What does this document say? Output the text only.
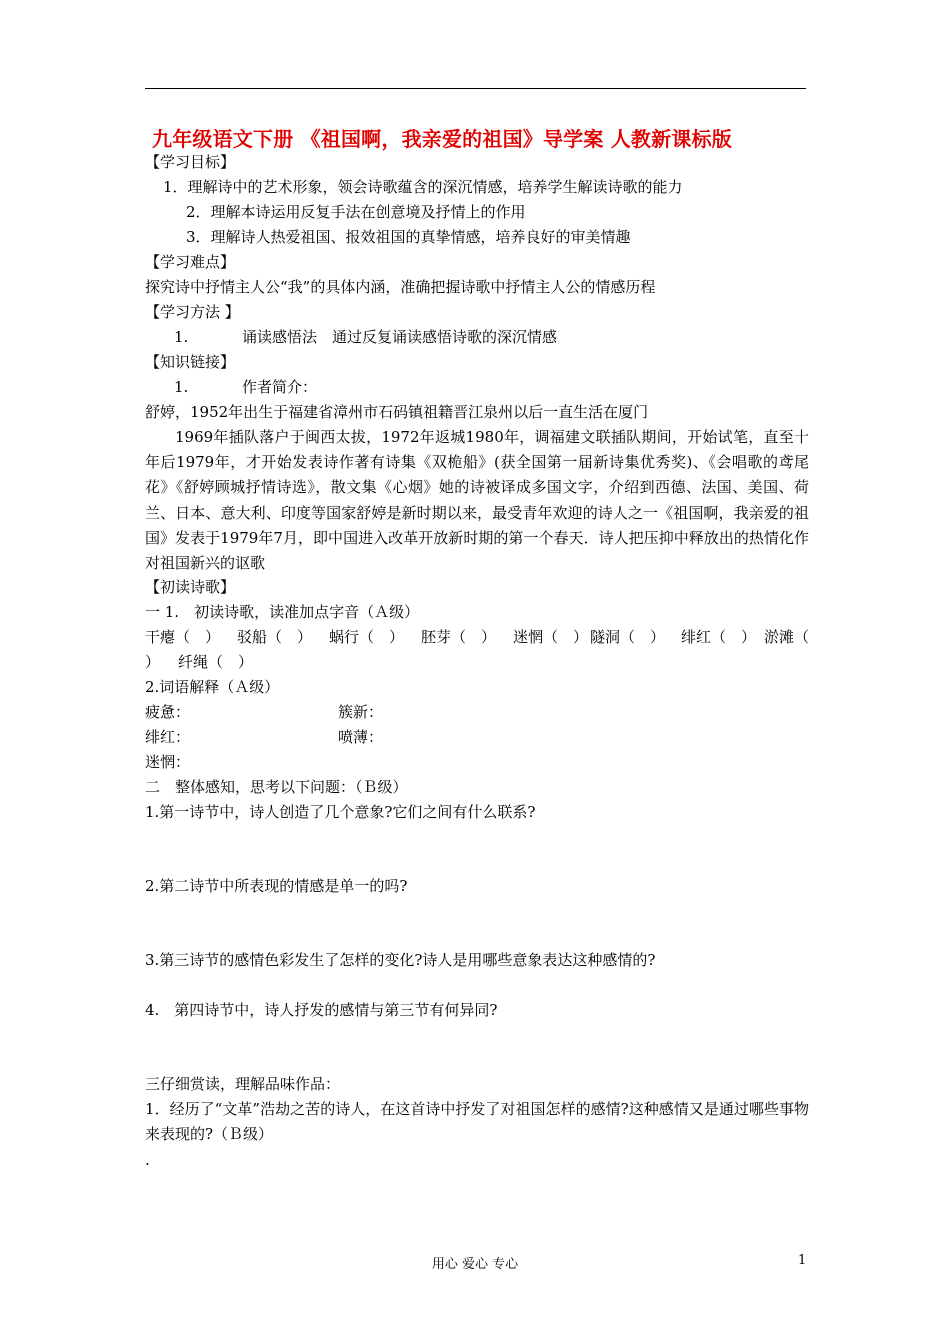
九年级语文下册 《祖国啊，我亲爱的祖国》导学案 人教新课标版
【学习目标】
1．理解诗中的艺术形象，领会诗歌蕴含的深沉情感，培养学生解读诗歌的能力
2．理解本诗运用反复手法在创意境及抒情上的作用
3．理解诗人热爱祖国、报效祖国的真挚情感，培养良好的审美情趣
【学习难点】
探究诗中抒情主人公“我”的具体内涵，准确把握诗歌中抒情主人公的情感历程
【学习方法 】
1.	诵读感悟法　通过反复诵读感悟诗歌的深沉情感
【知识链接】
1.	作者简介：
舒婷，1952年出生于福建省漳州市石码镇祖籍晋江泉州以后一直生活在厦门
1969年插队落户于闽西太拔，1972年返城1980年，调福建文联插队期间，开始试笔，直至十年后1979年，才开始发表诗作著有诗集《双桅船》(获全国第一届新诗集优秀奖)、《会唱歌的鸢尾花》《舒婷顾城抒情诗选》，散文集《心烟》她的诗被译成多国文字，介绍到西德、法国、美国、荷兰、日本、意大利、印度等国家舒婷是新时期以来，最受青年欢迎的诗人之一《祖国啊，我亲爱的祖国》发表于1979年7月，即中国进入改革开放新时期的第一个春天．诗人把压抑中释放出的热情化作对祖国新兴的讴歌
【初读诗歌】
一 1.　初读诗歌，读准加点字音（Ａ级）
干瘪（　） 驳船（　） 蜗行（　） 胚芽（　） 迷惘（　） 隧洞（　） 绯红（　） 淤滩（
） 纤绳（　）
2.词语解释（Ａ级）
疲惫：	簇新：
绯红：	喷薄：
迷惘：
二　整体感知，思考以下问题：（Ｂ级）
1.第一诗节中，诗人创造了几个意象?它们之间有什么联系?
2.第二诗节中所表现的情感是单一的吗?
3.第三诗节的感情色彩发生了怎样的变化?诗人是用哪些意象表达这种感情的?
4.　第四诗节中，诗人抒发的感情与第三节有何异同?
三仔细赏读，理解品味作品：
1．经历了“文革”浩劫之苦的诗人，在这首诗中抒发了对祖国怎样的感情?这种感情又是通过哪些事物来表现的?（Ｂ级）
.
用心 爱心 专心	1
